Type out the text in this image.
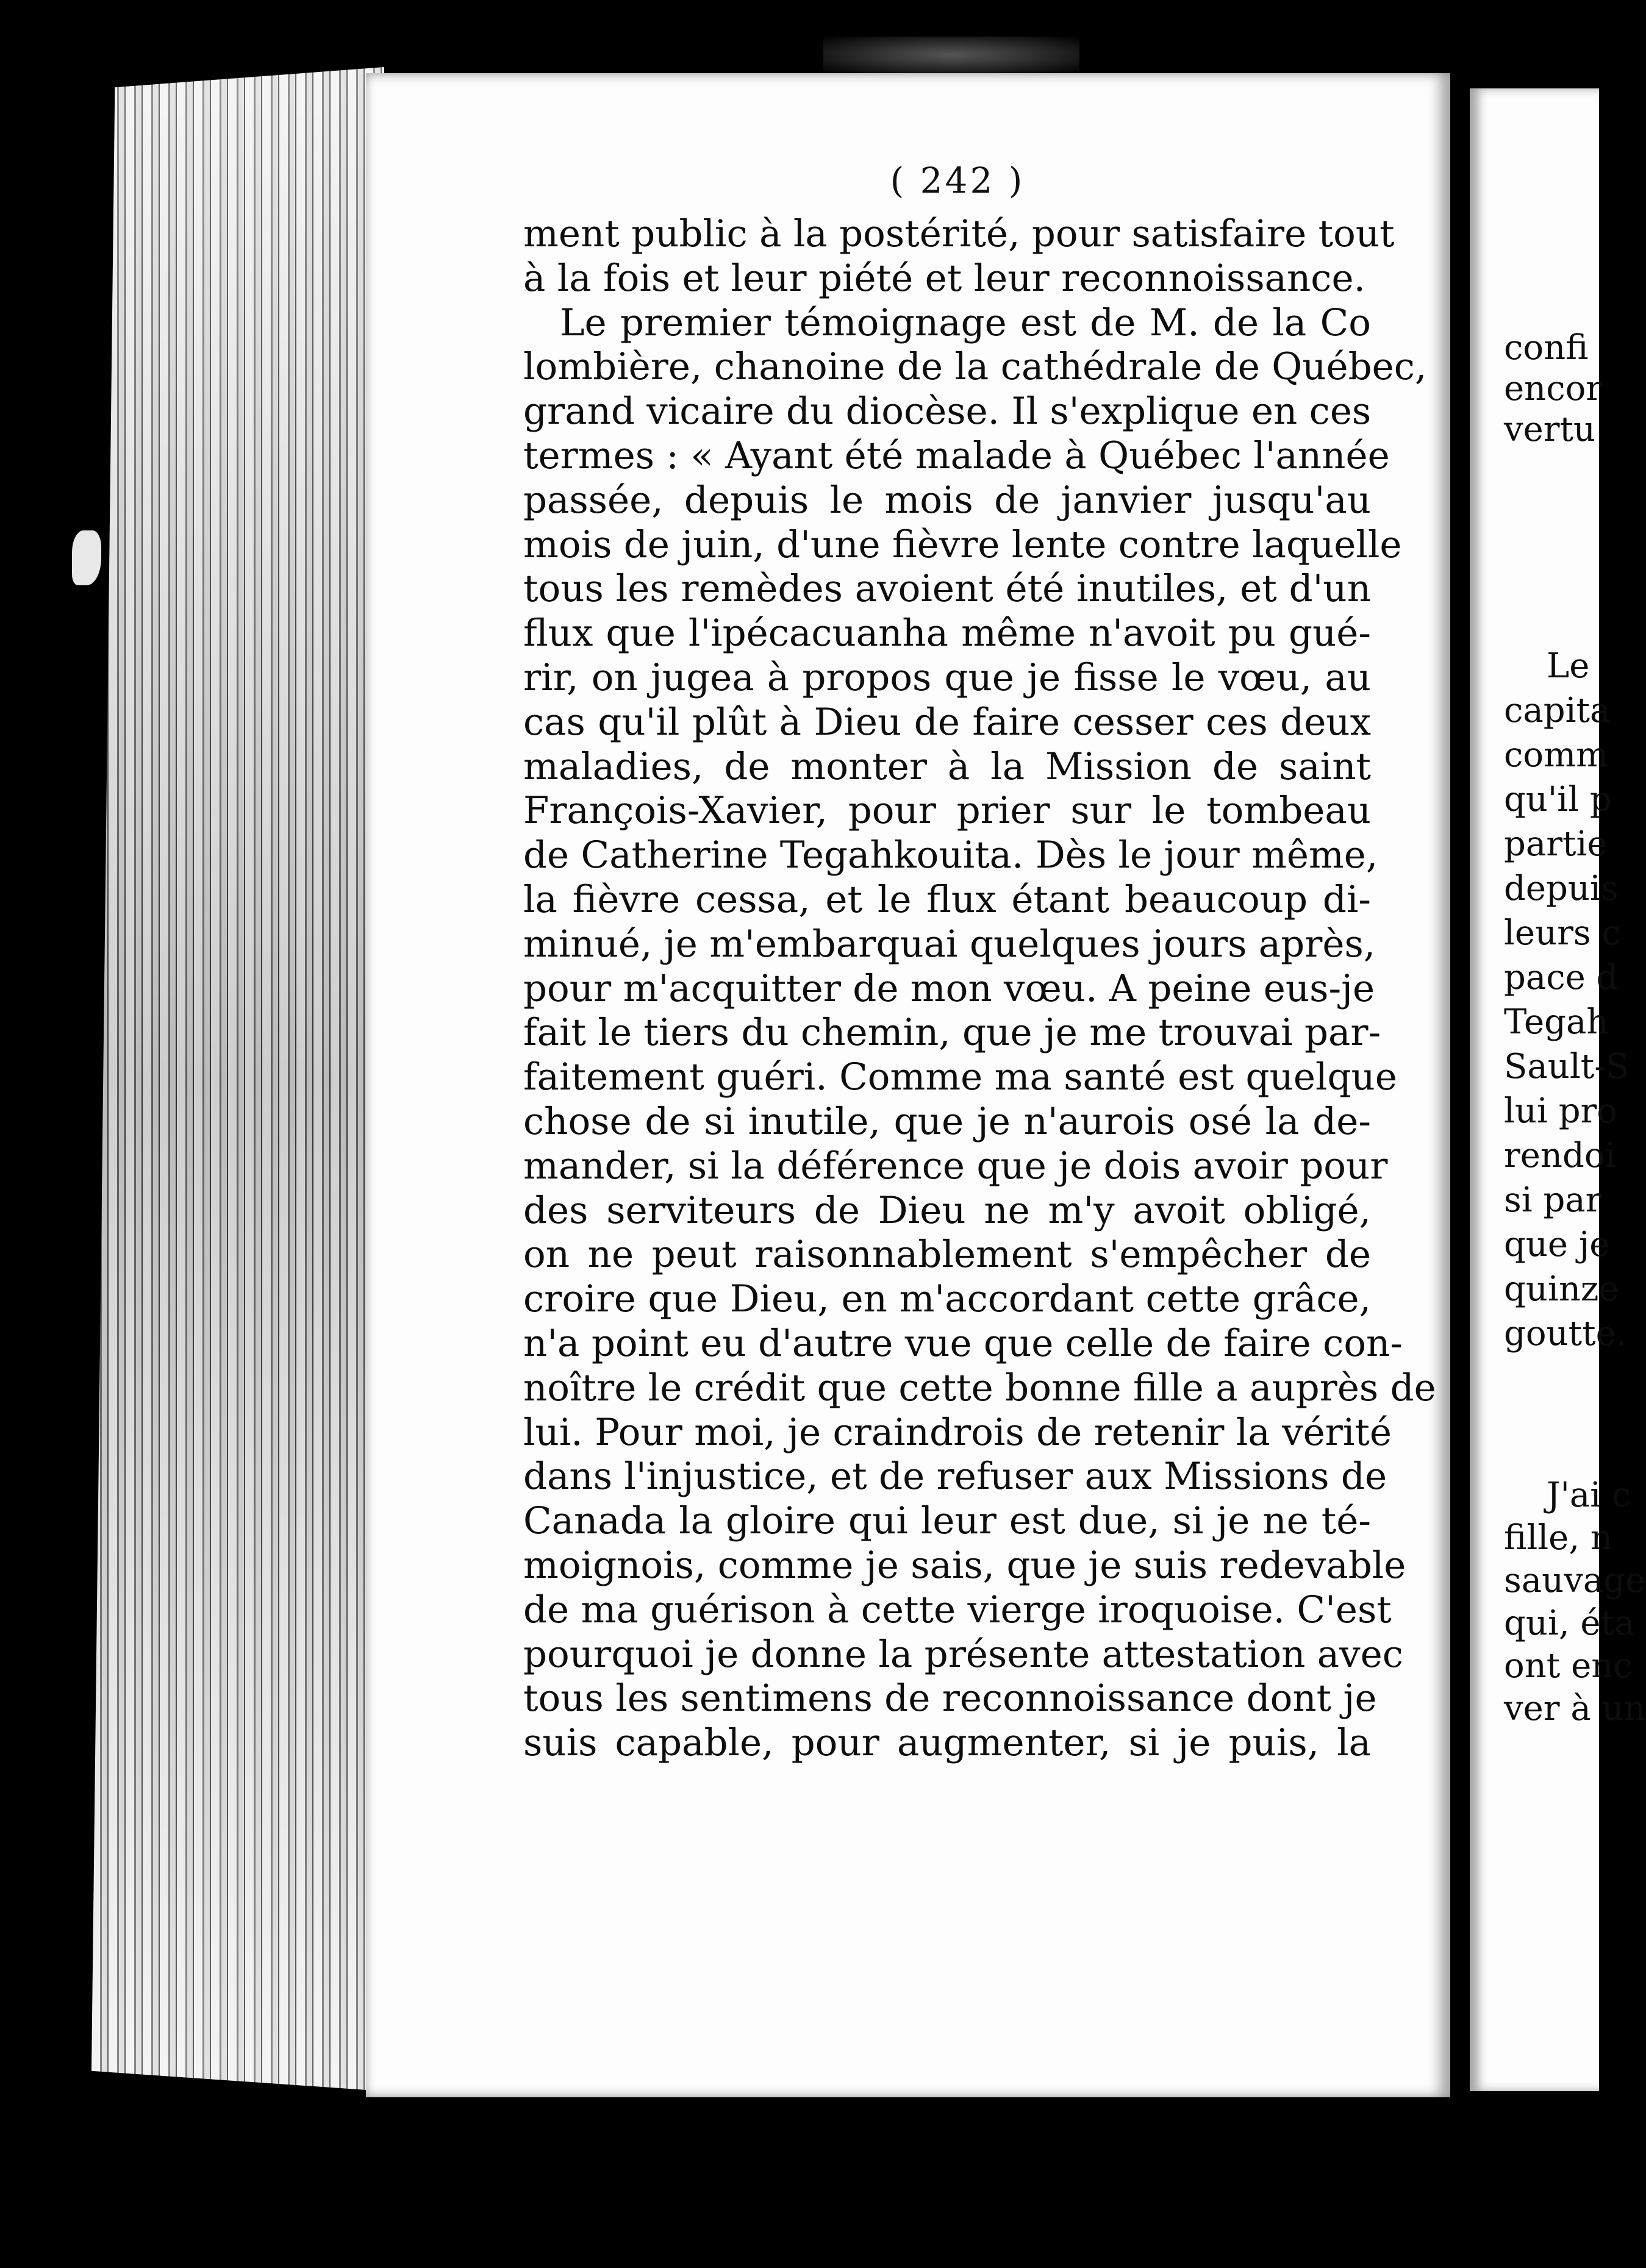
( 242 )
ment public à la postérité, pour satisfaire tout
à la fois et leur piété et leur reconnoissance.
Le premier témoignage est de M. de la Co
lombière, chanoine de la cathédrale de Québec,
grand vicaire du diocèse. Il s'explique en ces
termes : « Ayant été malade à Québec l'année
passée, depuis le mois de janvier jusqu'au
mois de juin, d'une fièvre lente contre laquelle
tous les remèdes avoient été inutiles, et d'un
flux que l'ipécacuanha même n'avoit pu gué-
rir, on jugea à propos que je fisse le vœu, au
cas qu'il plût à Dieu de faire cesser ces deux
maladies, de monter à la Mission de saint
François-Xavier, pour prier sur le tombeau
de Catherine Tegahkouita. Dès le jour même,
la fièvre cessa, et le flux étant beaucoup di-
minué, je m'embarquai quelques jours après,
pour m'acquitter de mon vœu. A peine eus-je
fait le tiers du chemin, que je me trouvai par-
faitement guéri. Comme ma santé est quelque
chose de si inutile, que je n'aurois osé la de-
mander, si la déférence que je dois avoir pour
des serviteurs de Dieu ne m'y avoit obligé,
on ne peut raisonnablement s'empêcher de
croire que Dieu, en m'accordant cette grâce,
n'a point eu d'autre vue que celle de faire con-
noître le crédit que cette bonne fille a auprès de
lui. Pour moi, je craindrois de retenir la vérité
dans l'injustice, et de refuser aux Missions de
Canada la gloire qui leur est due, si je ne té-
moignois, comme je sais, que je suis redevable
de ma guérison à cette vierge iroquoise. C'est
pourquoi je donne la présente attestation avec
tous les sentimens de reconnoissance dont je
suis capable, pour augmenter, si je puis, la
confi
encor
vertu
Le
capita
comm
qu'il p
partie
depuis
leurs c
pace d
Tegah
Sault-S
lui pro
rendoi
si par
que je
quinze
goutte.
J'ai c
fille, n
sauvage
qui, éta
ont enc
ver à un
